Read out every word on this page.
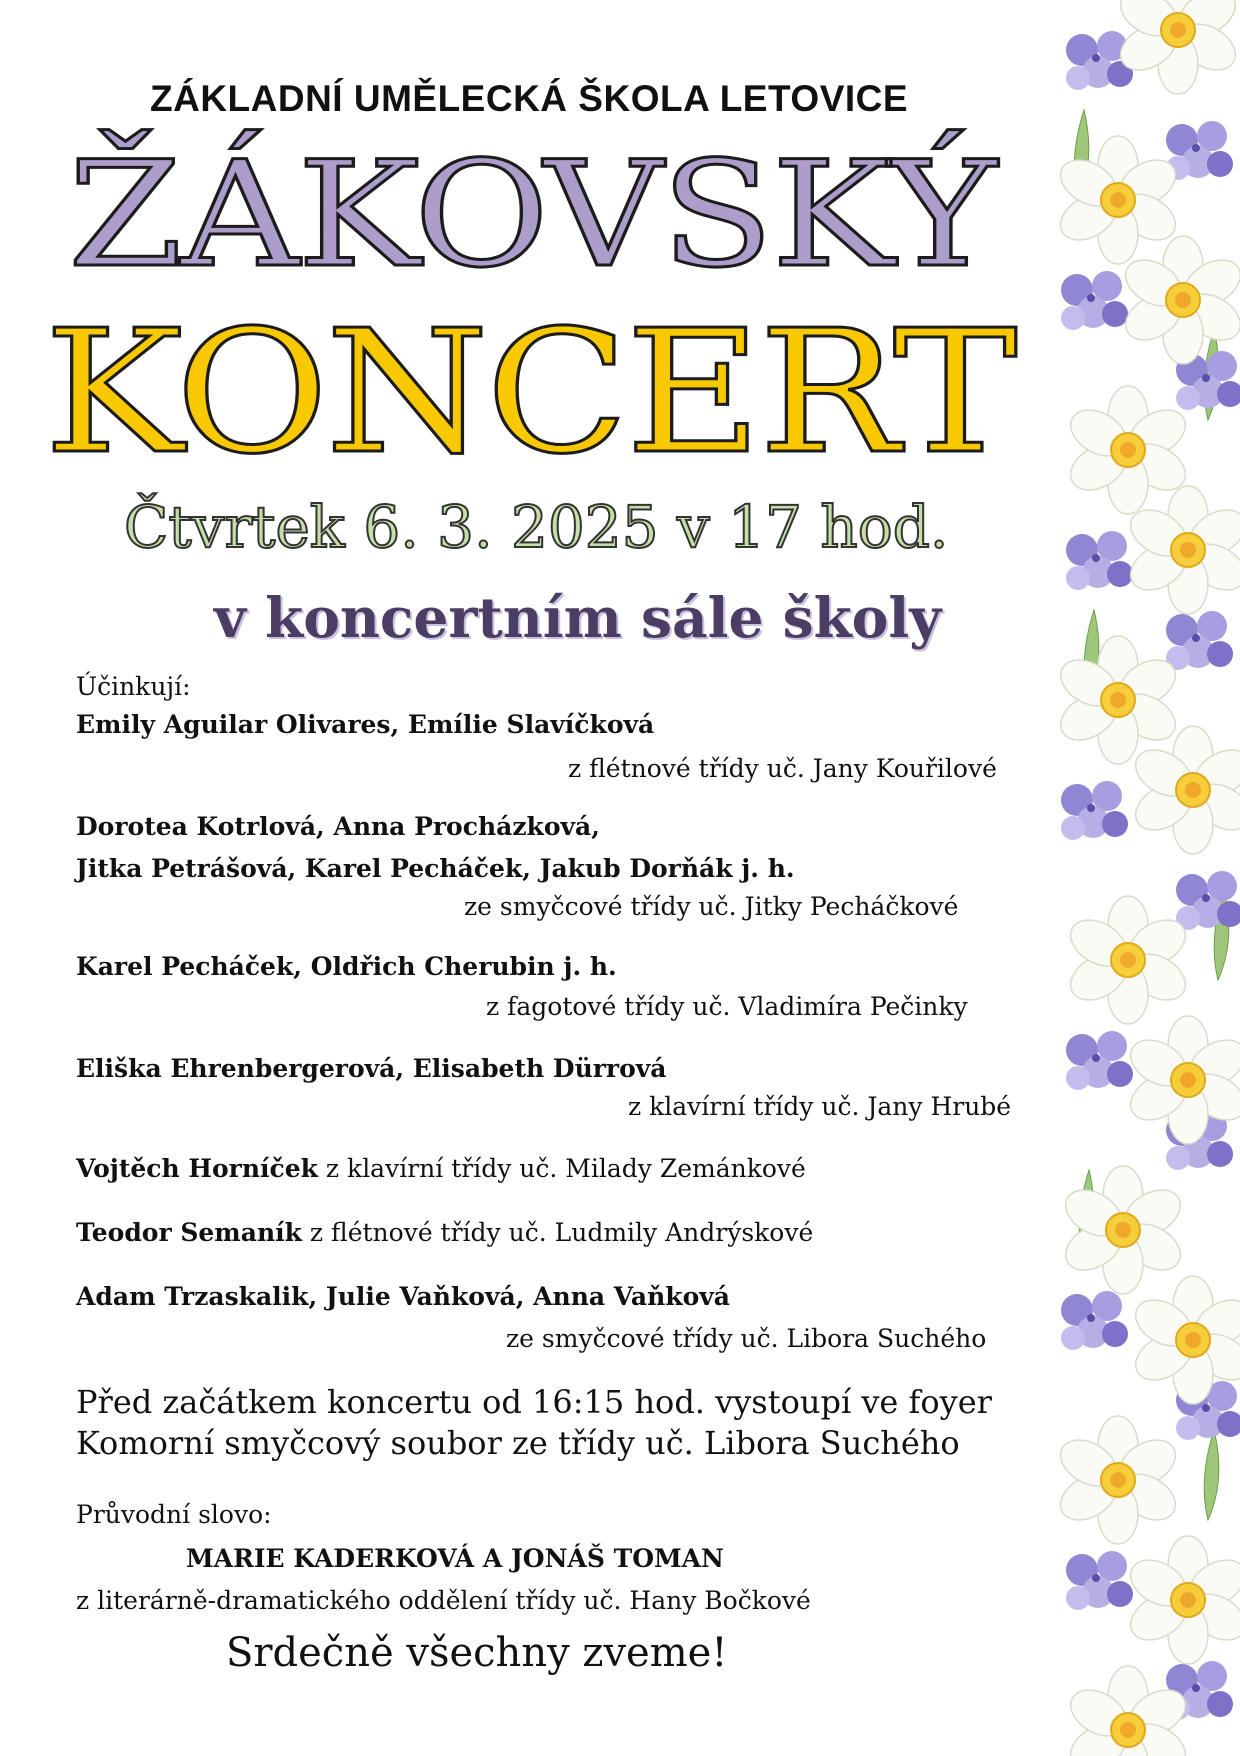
ZÁKLADNÍ UMĚLECKÁ ŠKOLA LETOVICE
ŽÁKOVSKÝ
KONCERT
Čtvrtek 6. 3. 2025 v 17 hod.
v koncertním sále školy
Účinkují:
Emily Aguilar Olivares, Emílie Slavíčková
z flétnové třídy uč. Jany Kouřilové
Dorotea Kotrlová, Anna Procházková,
Jitka Petrášová, Karel Pecháček, Jakub Dorňák j. h.
ze smyčcové třídy uč. Jitky Pecháčkové
Karel Pecháček, Oldřich Cherubin j. h.
z fagotové třídy uč. Vladimíra Pečinky
Eliška Ehrenbergerová, Elisabeth Dürrová
z klavírní třídy uč. Jany Hrubé
Vojtěch Horníček z klavírní třídy uč. Milady Zemánkové
Teodor Semaník z flétnové třídy uč. Ludmily Andrýskové
Adam Trzaskalik, Julie Vaňková, Anna Vaňková
ze smyčcové třídy uč. Libora Suchého
Před začátkem koncertu od 16:15 hod. vystoupí ve foyer
Komorní smyčcový soubor ze třídy uč. Libora Suchého
Průvodní slovo:
MARIE KADERKOVÁ A JONÁŠ TOMAN
z literárně-dramatického oddělení třídy uč. Hany Bočkové
Srdečně všechny zveme!
